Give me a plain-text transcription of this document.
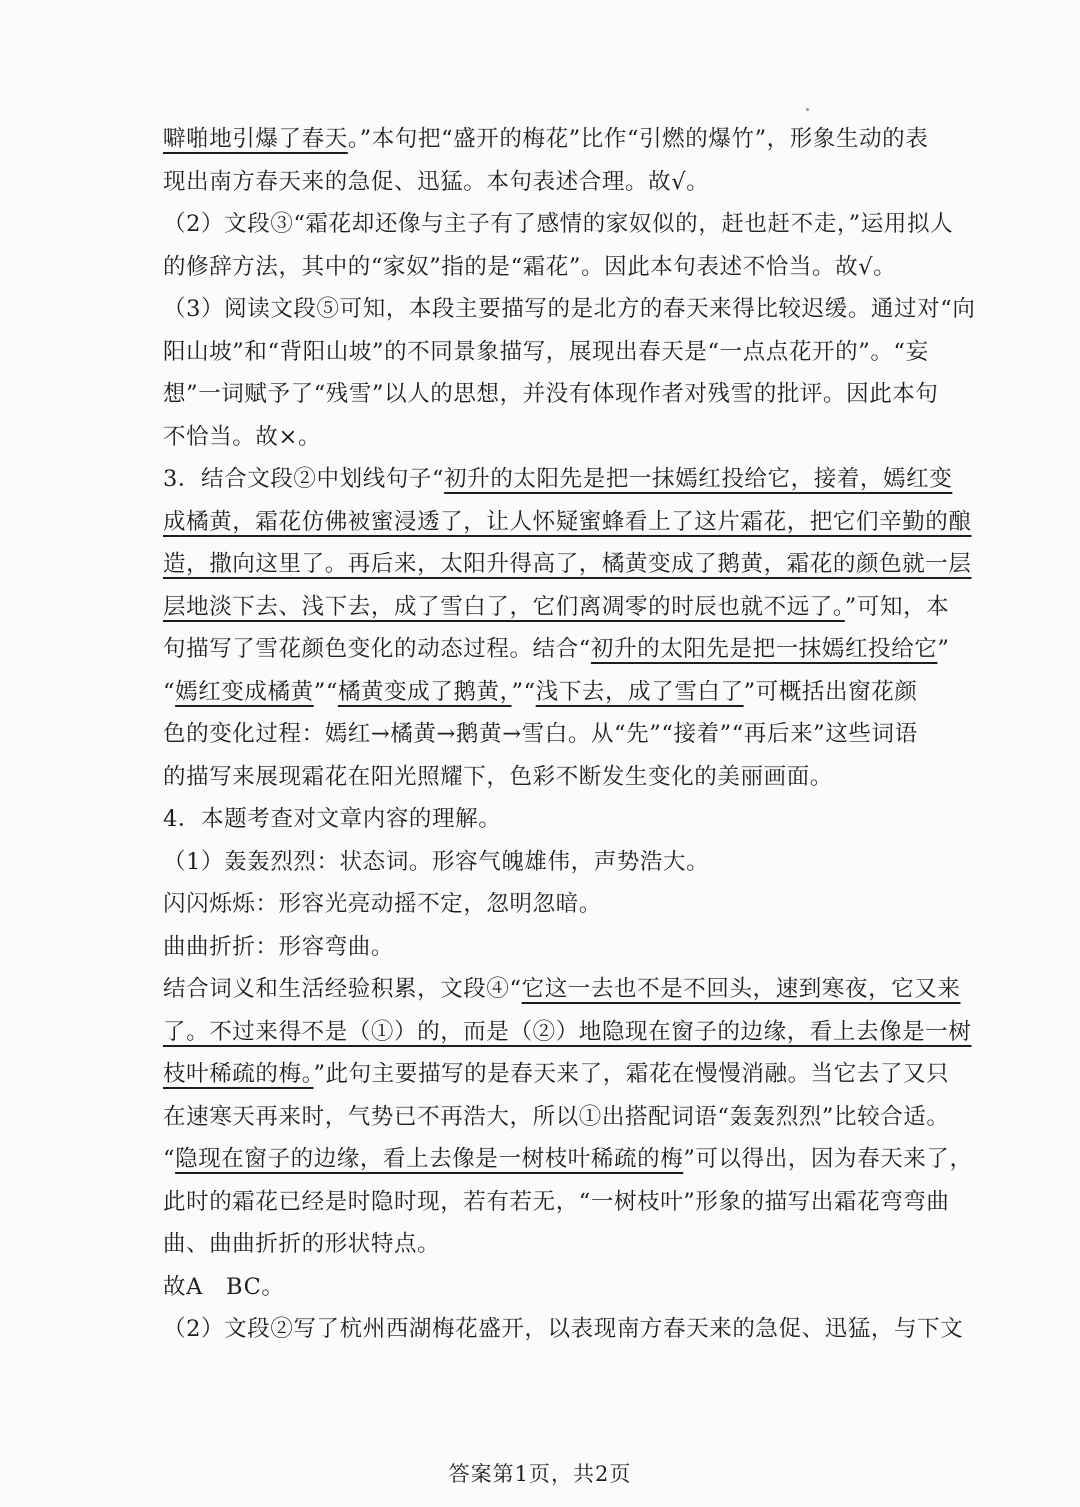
噼啪地引爆了春天。”本句把“盛开的梅花”比作“引燃的爆竹”，形象生动的表
现出南方春天来的急促、迅猛。本句表述合理。故√。
（2）文段③“霜花却还像与主子有了感情的家奴似的，赶也赶不走，”运用拟人
的修辞方法，其中的“家奴”指的是“霜花”。因此本句表述不恰当。故√。
（3）阅读文段⑤可知，本段主要描写的是北方的春天来得比较迟缓。通过对“向
阳山坡”和“背阳山坡”的不同景象描写，展现出春天是“一点点花开的”。“妄
想”一词赋予了“残雪”以人的思想，并没有体现作者对残雪的批评。因此本句
不恰当。故×。
3．结合文段②中划线句子“初升的太阳先是把一抹嫣红投给它，接着，嫣红变
成橘黄，霜花仿佛被蜜浸透了，让人怀疑蜜蜂看上了这片霜花，把它们辛勤的酿
造，撒向这里了。再后来，太阳升得高了，橘黄变成了鹅黄，霜花的颜色就一层
层地淡下去、浅下去，成了雪白了，它们离凋零的时辰也就不远了。”可知，本
句描写了雪花颜色变化的动态过程。结合“初升的太阳先是把一抹嫣红投给它”
“嫣红变成橘黄”“橘黄变成了鹅黄，”“浅下去，成了雪白了”可概括出窗花颜
色的变化过程：嫣红→橘黄→鹅黄→雪白。从“先”“接着”“再后来”这些词语
的描写来展现霜花在阳光照耀下，色彩不断发生变化的美丽画面。
4．本题考查对文章内容的理解。
（1）轰轰烈烈：状态词。形容气魄雄伟，声势浩大。
闪闪烁烁：形容光亮动摇不定，忽明忽暗。
曲曲折折：形容弯曲。
结合词义和生活经验积累，文段④“它这一去也不是不回头，速到寒夜，它又来
了。不过来得不是（①）的，而是（②）地隐现在窗子的边缘，看上去像是一树
枝叶稀疏的梅。”此句主要描写的是春天来了，霜花在慢慢消融。当它去了又只
在速寒天再来时，气势已不再浩大，所以①出搭配词语“轰轰烈烈”比较合适。
“隐现在窗子的边缘，看上去像是一树枝叶稀疏的梅”可以得出，因为春天来了，
此时的霜花已经是时隐时现，若有若无，“一树枝叶”形象的描写出霜花弯弯曲
曲、曲曲折折的形状特点。
故A　BC。
（2）文段②写了杭州西湖梅花盛开，以表现南方春天来的急促、迅猛，与下文
答案第1页，共2页
